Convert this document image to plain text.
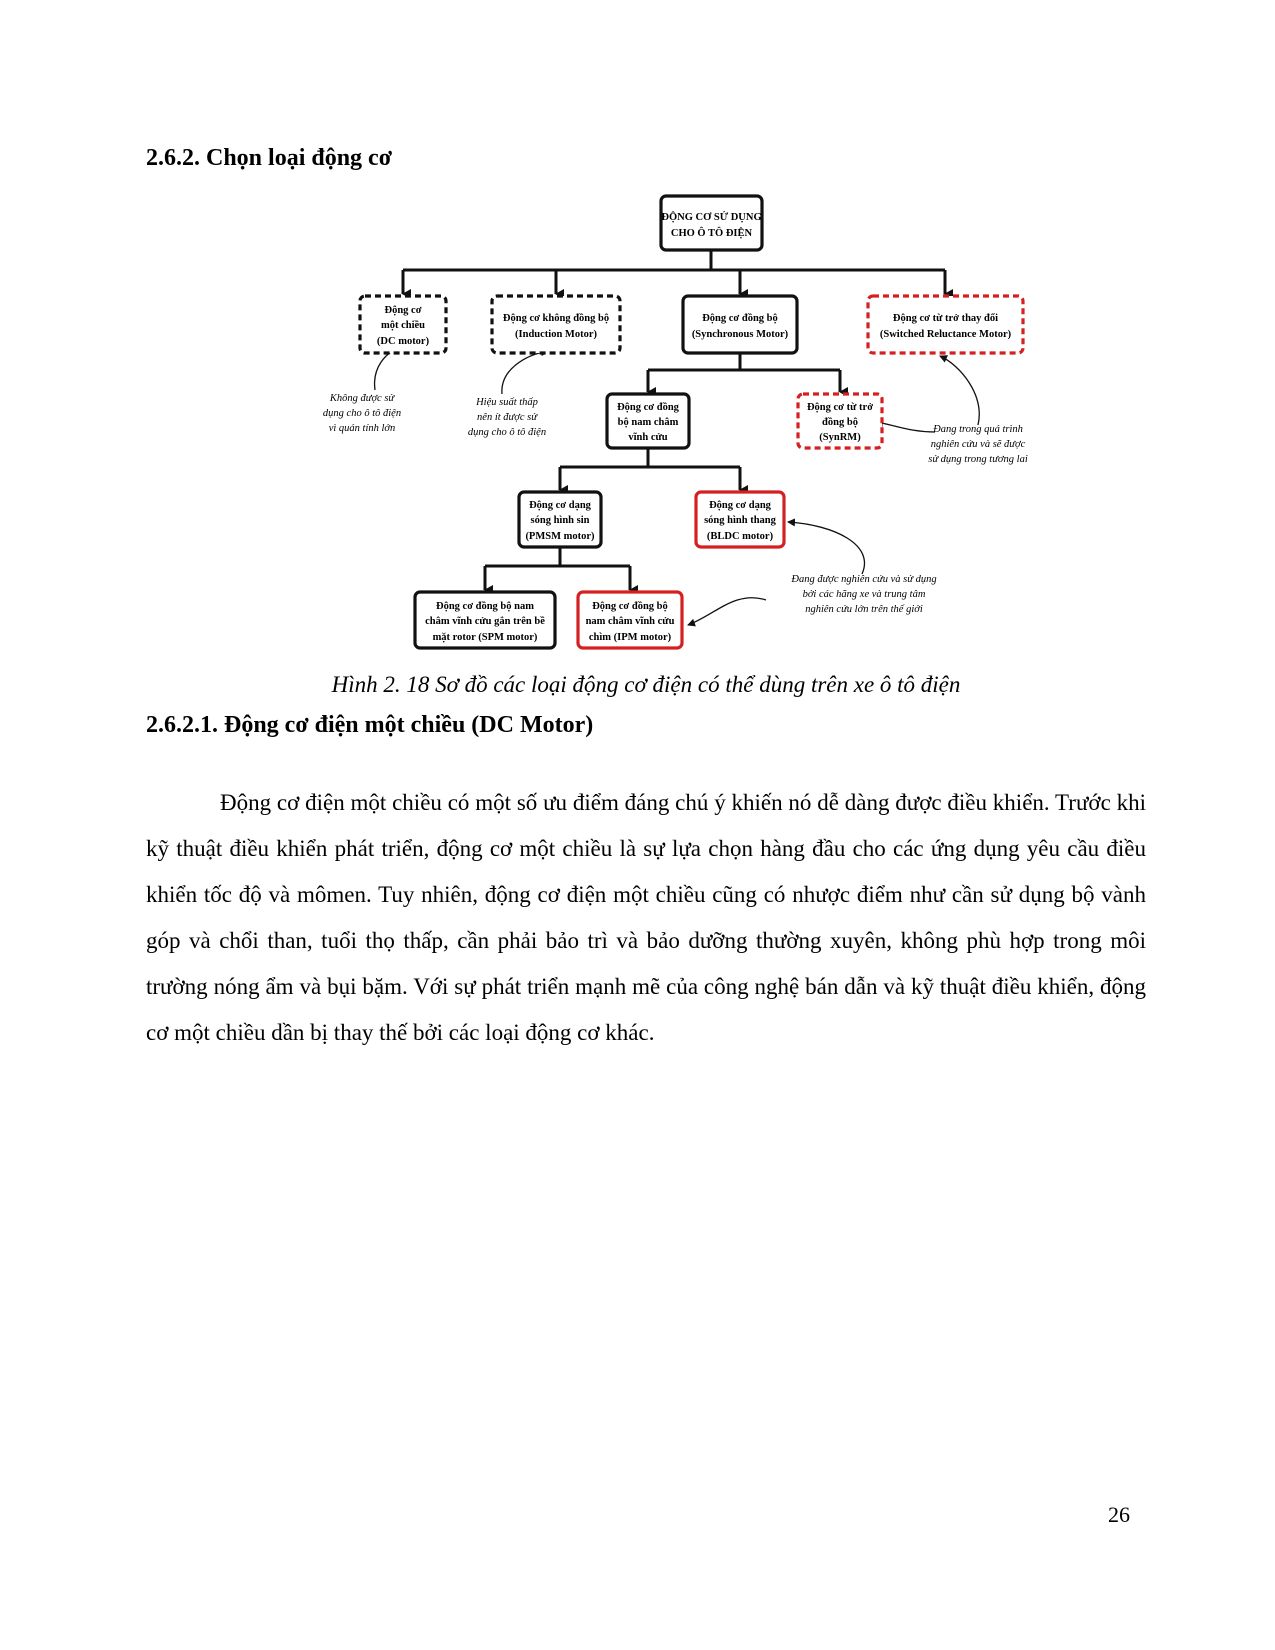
2.6.2. Chọn loại động cơ
ĐỘNG CƠ SỬ DỤNG
CHO Ô TÔ ĐIỆN
Động cơ
một chiều
(DC motor)
Động cơ không đồng bộ
(Induction Motor)
Động cơ đồng bộ
(Synchronous Motor)
Động cơ từ trở thay đổi
(Switched Reluctance Motor)
Động cơ đồng
bộ nam châm
vĩnh cửu
Động cơ từ trở
đồng bộ
(SynRM)
Động cơ dạng
sóng hình sin
(PMSM motor)
Động cơ dạng
sóng hình thang
(BLDC motor)
Động cơ đồng bộ nam
châm vĩnh cửu gắn trên bề
mặt rotor (SPM motor)
Động cơ đồng bộ
nam châm vĩnh cửu
chìm (IPM motor)
Không được sử
dụng cho ô tô điện
vì quán tính lớn
Hiệu suất thấp
nên ít được sử
dụng cho ô tô điện	Đang trong quá trình
nghiên cứu và sẽ được
sử dụng trong tương lai
Đang được nghiên cứu và sử dụng
bởi các hãng xe và trung tâm
nghiên cứu lớn trên thế giới

Hình 2. 18 Sơ đồ các loại động cơ điện có thể dùng trên xe ô tô điện

2.6.2.1. Động cơ điện một chiều (DC Motor)

Động cơ điện một chiều có một số ưu điểm đáng chú ý khiến nó dễ dàng được điều khiển. Trước khi kỹ thuật điều khiển phát triển, động cơ một chiều là sự lựa chọn hàng đầu cho các ứng dụng yêu cầu điều khiển tốc độ và mômen. Tuy nhiên, động cơ điện một chiều cũng có nhược điểm như cần sử dụng bộ vành góp và chổi than, tuổi thọ thấp, cần phải bảo trì và bảo dưỡng thường xuyên, không phù hợp trong môi trường nóng ẩm và bụi bặm. Với sự phát triển mạnh mẽ của công nghệ bán dẫn và kỹ thuật điều khiển, động cơ một chiều dần bị thay thế bởi các loại động cơ khác.

26
